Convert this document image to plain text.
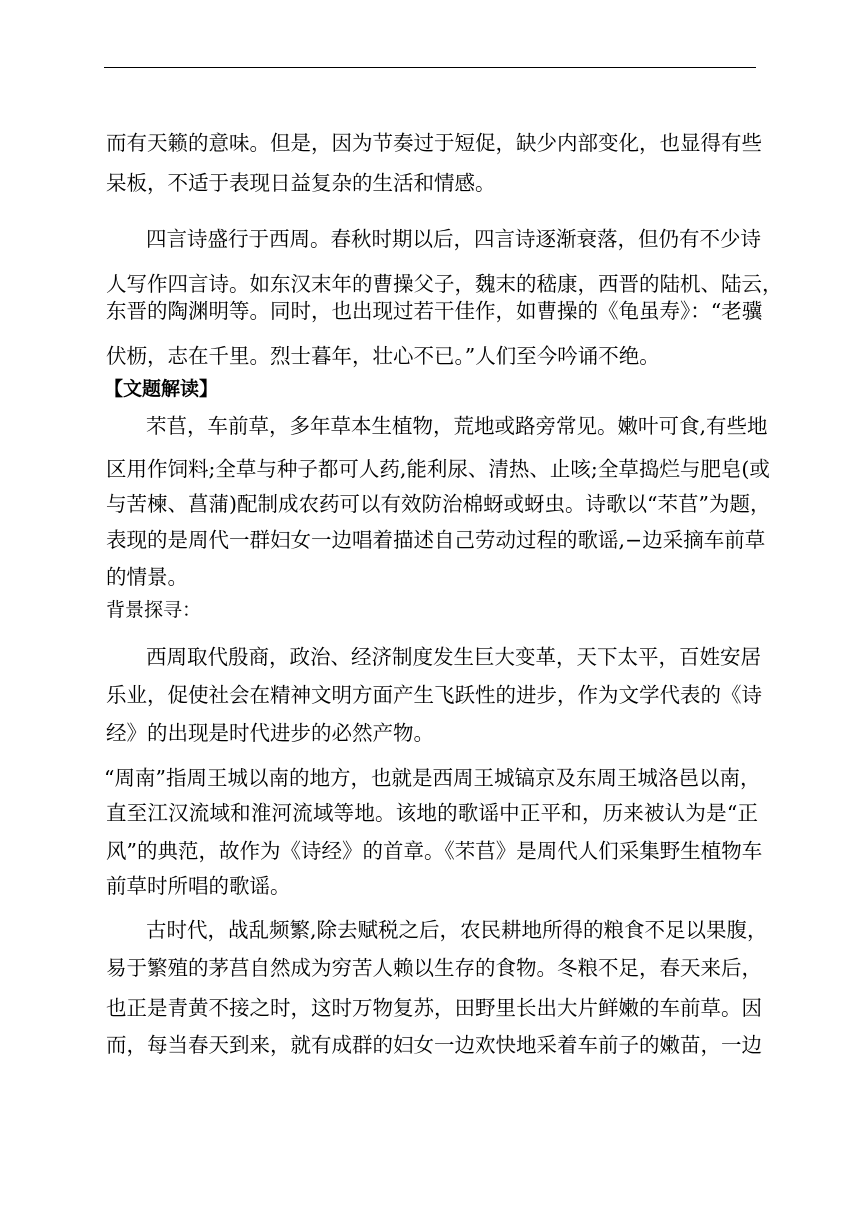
而有天籁的意味。但是，因为节奏过于短促，缺少内部变化，也显得有些
呆板，不适于表现日益复杂的生活和情感。
四言诗盛行于西周。春秋时期以后，四言诗逐渐衰落，但仍有不少诗
人写作四言诗。如东汉末年的曹操父子，魏末的嵇康，西晋的陆机、陆云，
东晋的陶渊明等。同时，也出现过若干佳作，如曹操的《龟虽寿》：“老骥
伏枥，志在千里。烈士暮年，壮心不已。”人们至今吟诵不绝。
【文题解读】
芣苢，车前草，多年草本生植物，荒地或路旁常见。嫩叶可食,有些地
区用作饲料;全草与种子都可人药,能利尿、清热、止咳;全草捣烂与肥皂(或
与苦楝、菖蒲)配制成农药可以有效防治棉蚜或蚜虫。诗歌以“芣苢”为题，
表现的是周代一群妇女一边唱着描述自己劳动过程的歌谣,−边采摘车前草
的情景。
背景探寻：
西周取代殷商，政治、经济制度发生巨大变革，天下太平，百姓安居
乐业，促使社会在精神文明方面产生飞跃性的进步，作为文学代表的《诗
经》的出现是时代进步的必然产物。
“周南”指周王城以南的地方，也就是西周王城镐京及东周王城洛邑以南，
直至江汉流域和淮河流域等地。该地的歌谣中正平和，历来被认为是“正
风”的典范，故作为《诗经》的首章。《芣苢》是周代人们采集野生植物车
前草时所唱的歌谣。
古时代，战乱频繁,除去赋税之后，农民耕地所得的粮食不足以果腹，
易于繁殖的茅莒自然成为穷苦人赖以生存的食物。冬粮不足，春天来后，
也正是青黄不接之时，这时万物复苏，田野里长出大片鲜嫩的车前草。因
而，每当春天到来，就有成群的妇女一边欢快地采着车前子的嫩苗，一边
